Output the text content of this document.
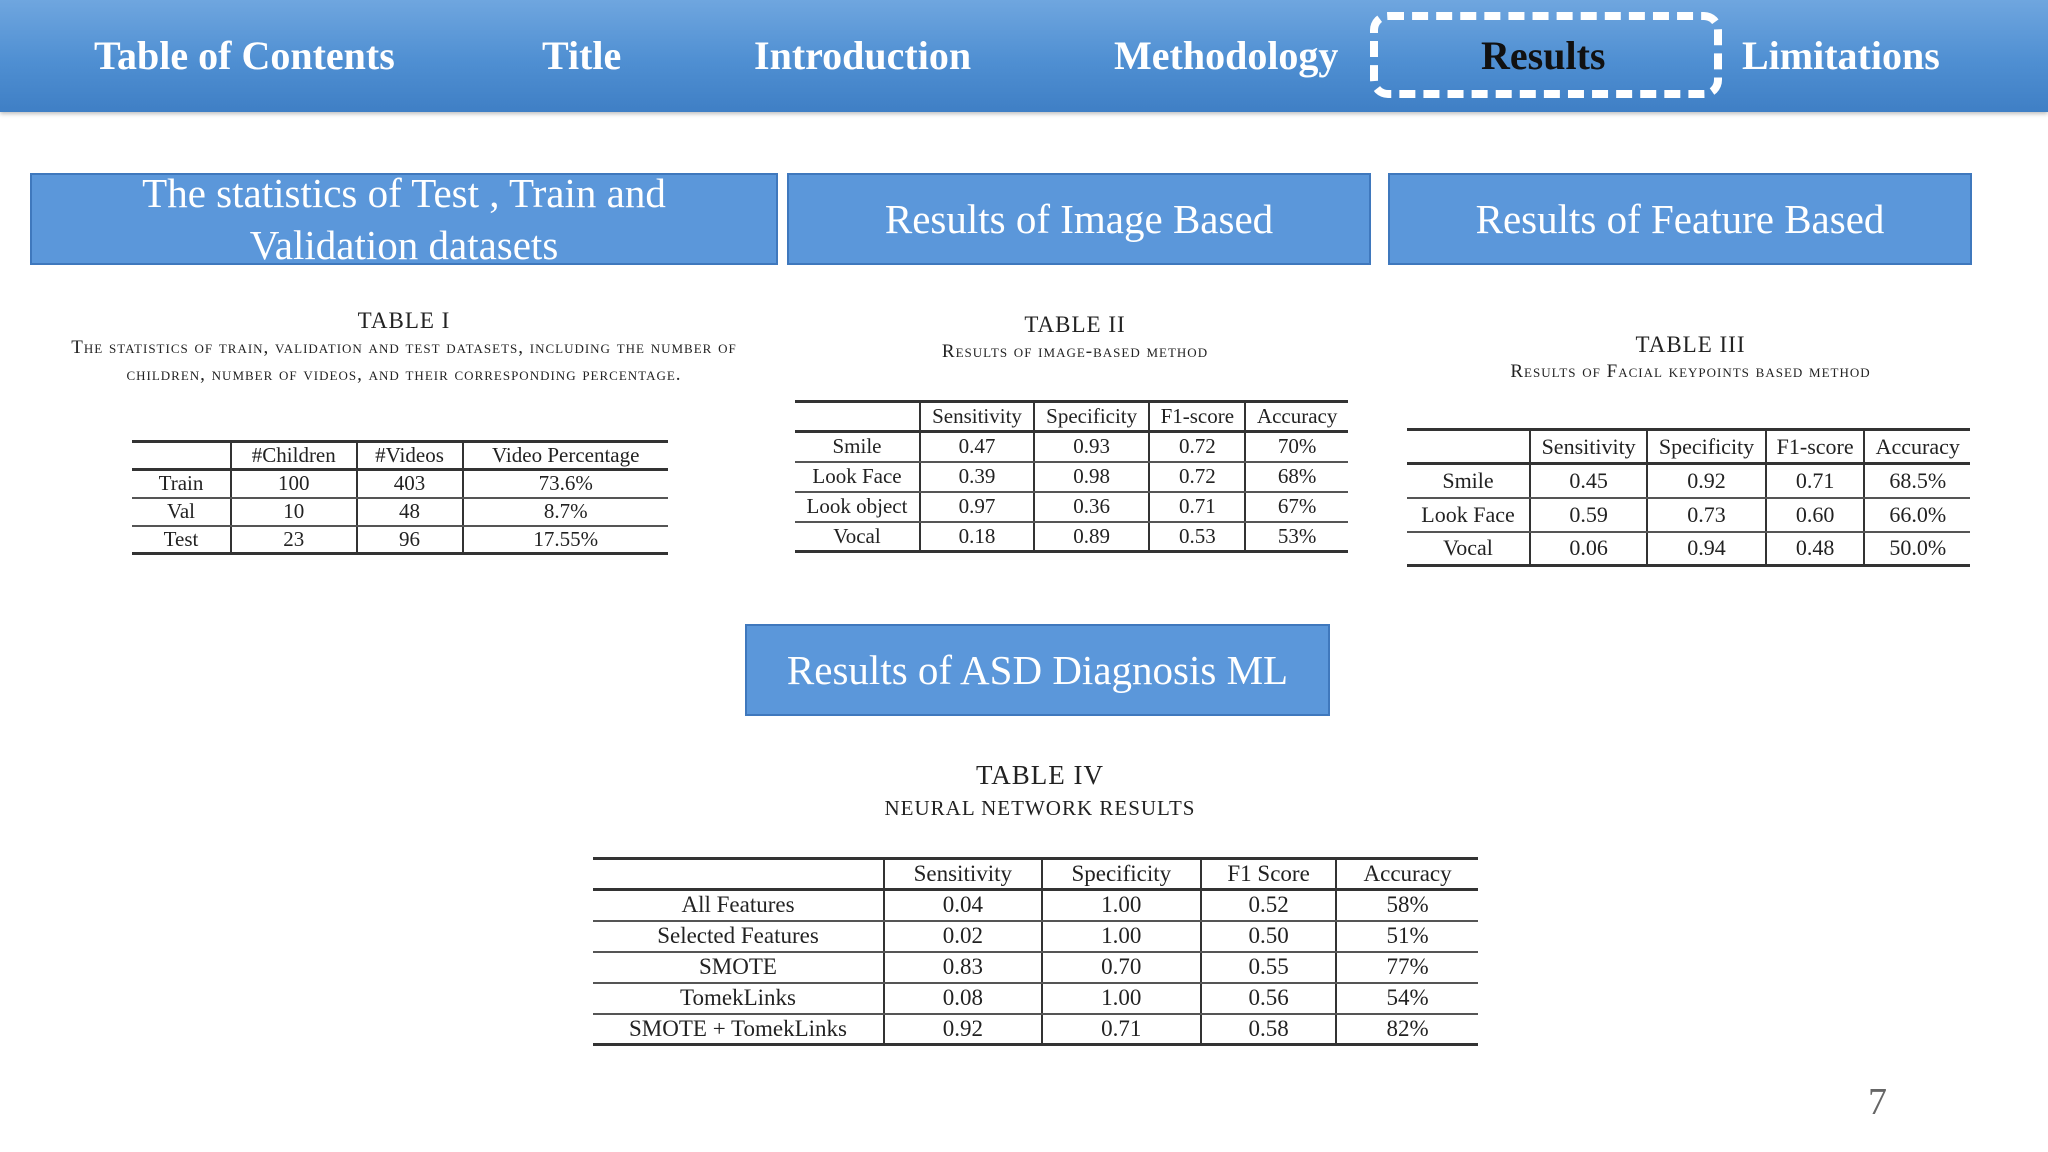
Table of Contents	Title	Introduction	Methodology	Results	Limitations
The statistics of Test , Train and Validation datasets
Results of Image Based	Results of Feature Based
Results of ASD Diagnosis ML
TABLE I
The statistics of train, validation and test datasets, including the number of children, number of videos, and their corresponding percentage.
	#Children	#Videos	Video Percentage
Train	100	403	73.6%
Val	10	48	8.7%
Test	23	96	17.55%
TABLE II
Results of image-based method
	Sensitivity	Specificity	F1-score	Accuracy
Smile	0.47	0.93	0.72	70%
Look Face	0.39	0.98	0.72	68%
Look object	0.97	0.36	0.71	67%
Vocal	0.18	0.89	0.53	53%
TABLE III
Results of Facial keypoints based method
	Sensitivity	Specificity	F1-score	Accuracy
Smile	0.45	0.92	0.71	68.5%
Look Face	0.59	0.73	0.60	66.0%
Vocal	0.06	0.94	0.48	50.0%
TABLE IV
NEURAL NETWORK RESULTS
	Sensitivity	Specificity	F1 Score	Accuracy
All Features	0.04	1.00	0.52	58%
Selected Features	0.02	1.00	0.50	51%
SMOTE	0.83	0.70	0.55	77%
TomekLinks	0.08	1.00	0.56	54%
SMOTE + TomekLinks	0.92	0.71	0.58	82%
7
